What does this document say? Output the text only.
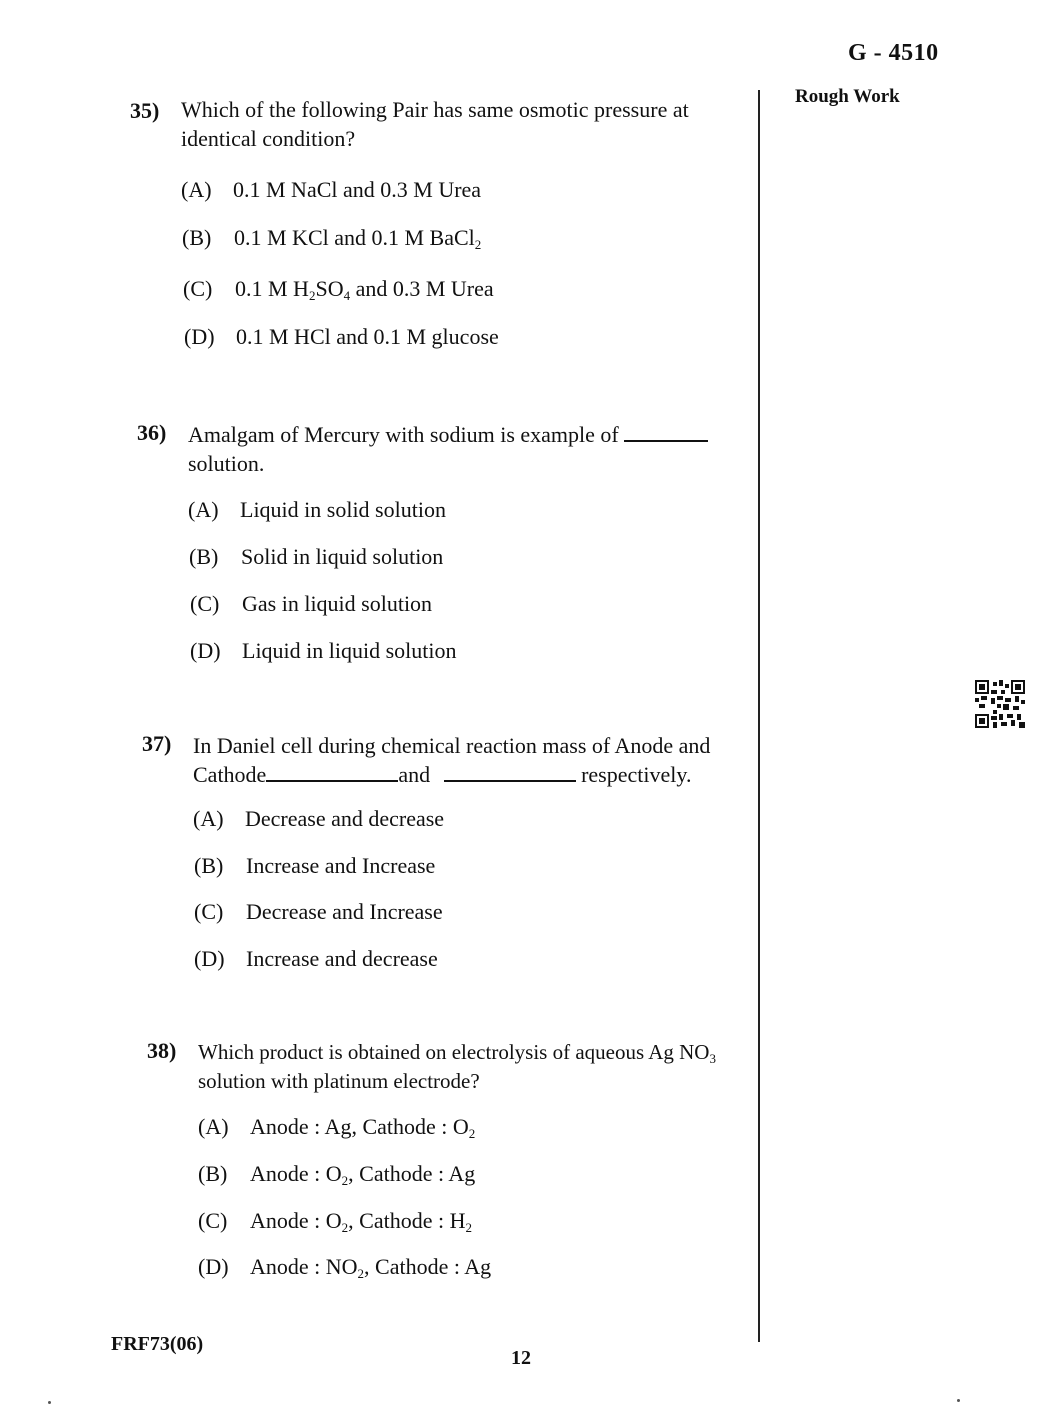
G - 4510
Rough Work
35) Which of the following Pair has same osmotic pressure at identical condition?
(A) 0.1 M NaCl and 0.3 M Urea
(B) 0.1 M KCl and 0.1 M BaCl$_2$
(C) 0.1 M $H_2SO_4$ and 0.3 M Urea
(D) 0.1 M HCl and 0.1 M glucose
36) Amalgam of Mercury with sodium is example of
solution.
(A) Liquid in solid solution
(B) Solid in liquid solution
(C) Gas in liquid solution
(D) Liquid in liquid solution
37) In Daniel cell during chemical reaction mass of Anode and
Cathode	and	respectively.
(A) Decrease and decrease
(B) Increase and Increase
(C) Decrease and Increase
(D) Increase and decrease
38) Which product is obtained on electrolysis of aqueous Ag $NO_3$
solution with platinum electrode?
(A) Anode : Ag, Cathode : $O_2$
(B) Anode : $O_2$, Cathode : Ag
(C) Anode : $O_2$, Cathode : $H_2$
(D) Anode : $NO_2$, Cathode : Ag
FRF73(06)
12
